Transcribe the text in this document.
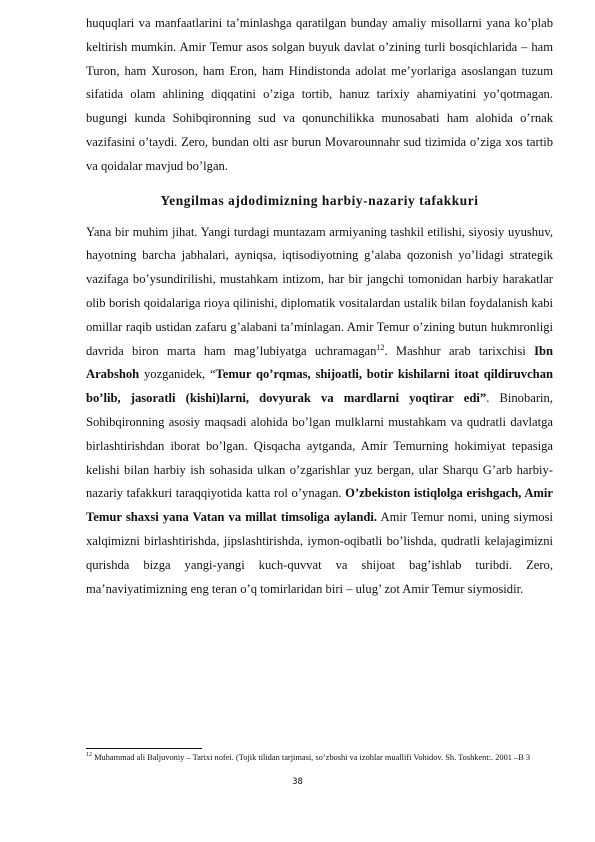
huquqlari va manfaatlarini ta’minlashga qaratilgan bunday amaliy misollarni yana ko’plab keltirish mumkin. Amir Temur asos solgan buyuk davlat o’zining turli bosqichlarida – ham Turon, ham Xuroson, ham Eron, ham Hindistonda adolat me’yorlariga asoslangan tuzum sifatida olam ahlining diqqatini o’ziga tortib, hanuz tarixiy ahamiyatini yo’qotmagan. bugungi kunda Sohibqironning sud va qonunchilikka munosabati ham alohida o’rnak vazifasini o’taydi. Zero, bundan olti asr burun Movarounnahr sud tizimida o’ziga xos tartib va qoidalar mavjud bo’lgan.

Yengilmas ajdodimizning harbiy-nazariy tafakkuri

Yana bir muhim jihat. Yangi turdagi muntazam armiyaning tashkil etilishi, siyosiy uyushuv, hayotning barcha jabhalari, ayniqsa, iqtisodiyotning g’alaba qozonish yo’lidagi strategik vazifaga bo’ysundirilishi, mustahkam intizom, har bir jangchi tomonidan harbiy harakatlar olib borish qoidalariga rioya qilinishi, diplomatik vositalardan ustalik bilan foydalanish kabi omillar raqib ustidan zafaru g’alabani ta’minlagan. Amir Temur o’zining butun hukmronligi davrida biron marta ham mag’lubiyatga uchramagan$^{12}$. Mashhur arab tarixchisi Ibn Arabshoh yozganidek, “Temur qo’rqmas, shijoatli, botir kishilarni itoat qildiruvchan bo’lib, jasoratli (kishi)larni, dovyurak va mardlarni yoqtirar edi”. Binobarin, Sohibqironning asosiy maqsadi alohida bo’lgan mulklarni mustahkam va qudratli davlatga birlashtirishdan iborat bo’lgan. Qisqacha aytganda, Amir Temurning hokimiyat tepasiga kelishi bilan harbiy ish sohasida ulkan o’zgarishlar yuz bergan, ular Sharqu G’arb harbiy-nazariy tafakkuri taraqqiyotida katta rol o’ynagan. O’zbekiston istiqlolga erishgach, Amir Temur shaxsi yana Vatan va millat timsoliga aylandi. Amir Temur nomi, uning siymosi xalqimizni birlashtirishda, jipslashtirishda, iymon-oqibatli bo’lishda, qudratli kelajagimizni qurishda bizga yangi-yangi kuch-quvvat va shijoat bag’ishlab turibdi. Zero, ma’naviyatimizning eng teran o’q tomirlaridan biri – ulug’ zot Amir Temur siymosidir.

$^{12}$ Muhammad ali Baljuvoniy – Tarixi nofei. (Tojik tilidan tarjimasi, so’zboshi va izohlar muallifi Vohidov. Sh. Toshkent:. 2001 –B 3
38
